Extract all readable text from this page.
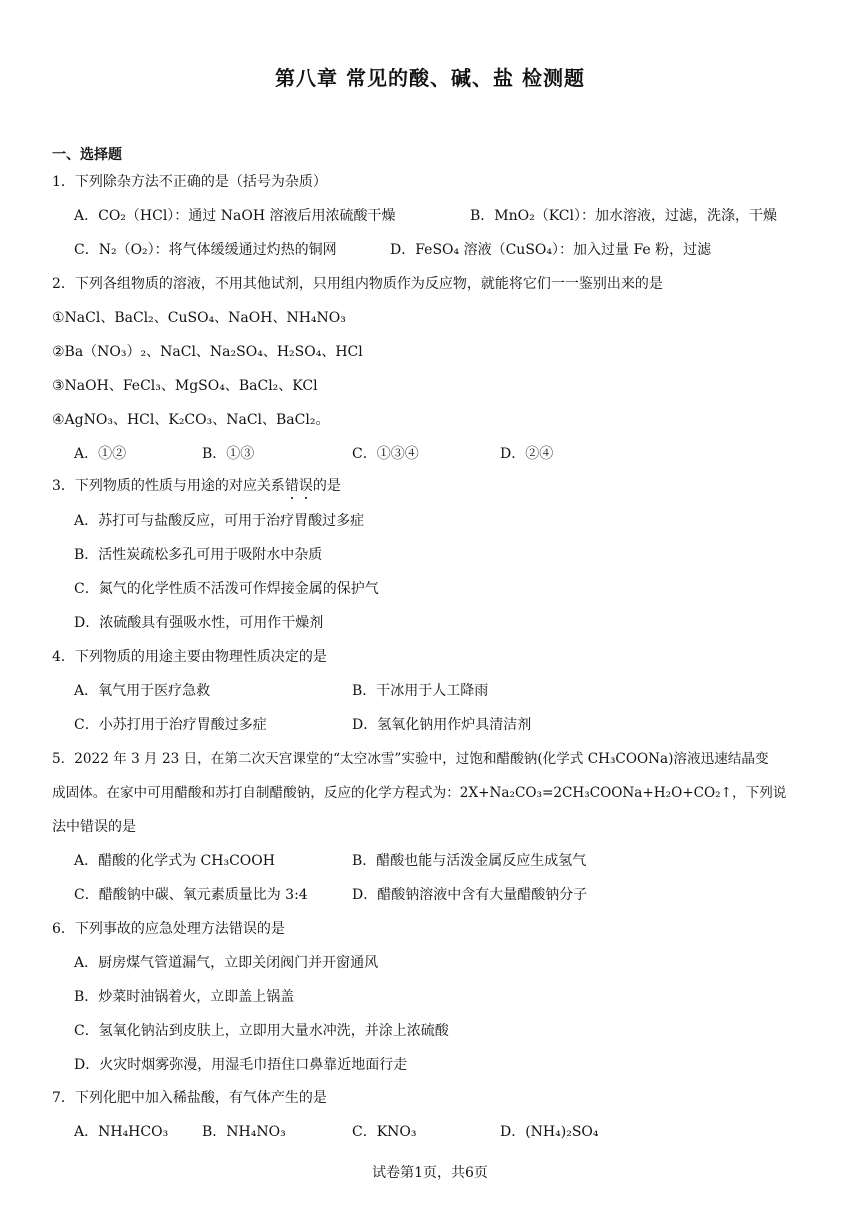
第八章 常见的酸、碱、盐 检测题
一、选择题
1．下列除杂方法不正确的是（括号为杂质）
A．CO₂（HCl）：通过 NaOH 溶液后用浓硫酸干燥	B．MnO₂（KCl）：加水溶液，过滤，洗涤，干燥
C．N₂（O₂）：将气体缓缓通过灼热的铜网	D．FeSO₄ 溶液（CuSO₄）：加入过量 Fe 粉，过滤
2．下列各组物质的溶液，不用其他试剂，只用组内物质作为反应物，就能将它们一一鉴别出来的是
①NaCl、BaCl₂、CuSO₄、NaOH、NH₄NO₃
②Ba（NO₃）₂、NaCl、Na₂SO₄、H₂SO₄、HCl
③NaOH、FeCl₃、MgSO₄、BaCl₂、KCl
④AgNO₃、HCl、K₂CO₃、NaCl、BaCl₂。
A．①②	B．①③	C．①③④	D．②④
3．下列物质的性质与用途的对应关系错误的是
A．苏打可与盐酸反应，可用于治疗胃酸过多症
B．活性炭疏松多孔可用于吸附水中杂质
C．氮气的化学性质不活泼可作焊接金属的保护气
D．浓硫酸具有强吸水性，可用作干燥剂
4．下列物质的用途主要由物理性质决定的是
A．氧气用于医疗急救	B．干冰用于人工降雨
C．小苏打用于治疗胃酸过多症	D．氢氧化钠用作炉具清洁剂
5．2022 年 3 月 23 日，在第二次天宫课堂的“太空冰雪”实验中，过饱和醋酸钠(化学式 CH₃COONa)溶液迅速结晶变
成固体。在家中可用醋酸和苏打自制醋酸钠，反应的化学方程式为：2X+Na₂CO₃=2CH₃COONa+H₂O+CO₂↑，下列说
法中错误的是
A．醋酸的化学式为 CH₃COOH	B．醋酸也能与活泼金属反应生成氢气
C．醋酸钠中碳、氧元素质量比为 3:4	D．醋酸钠溶液中含有大量醋酸钠分子
6．下列事故的应急处理方法错误的是
A．厨房煤气管道漏气，立即关闭阀门并开窗通风
B．炒菜时油锅着火，立即盖上锅盖
C．氢氧化钠沾到皮肤上，立即用大量水冲洗，并涂上浓硫酸
D．火灾时烟雾弥漫，用湿毛巾捂住口鼻靠近地面行走
7．下列化肥中加入稀盐酸，有气体产生的是
A．NH₄HCO₃ B．NH₄NO₃	C．KNO₃	D．(NH₄)₂SO₄
试卷第1页，共6页
